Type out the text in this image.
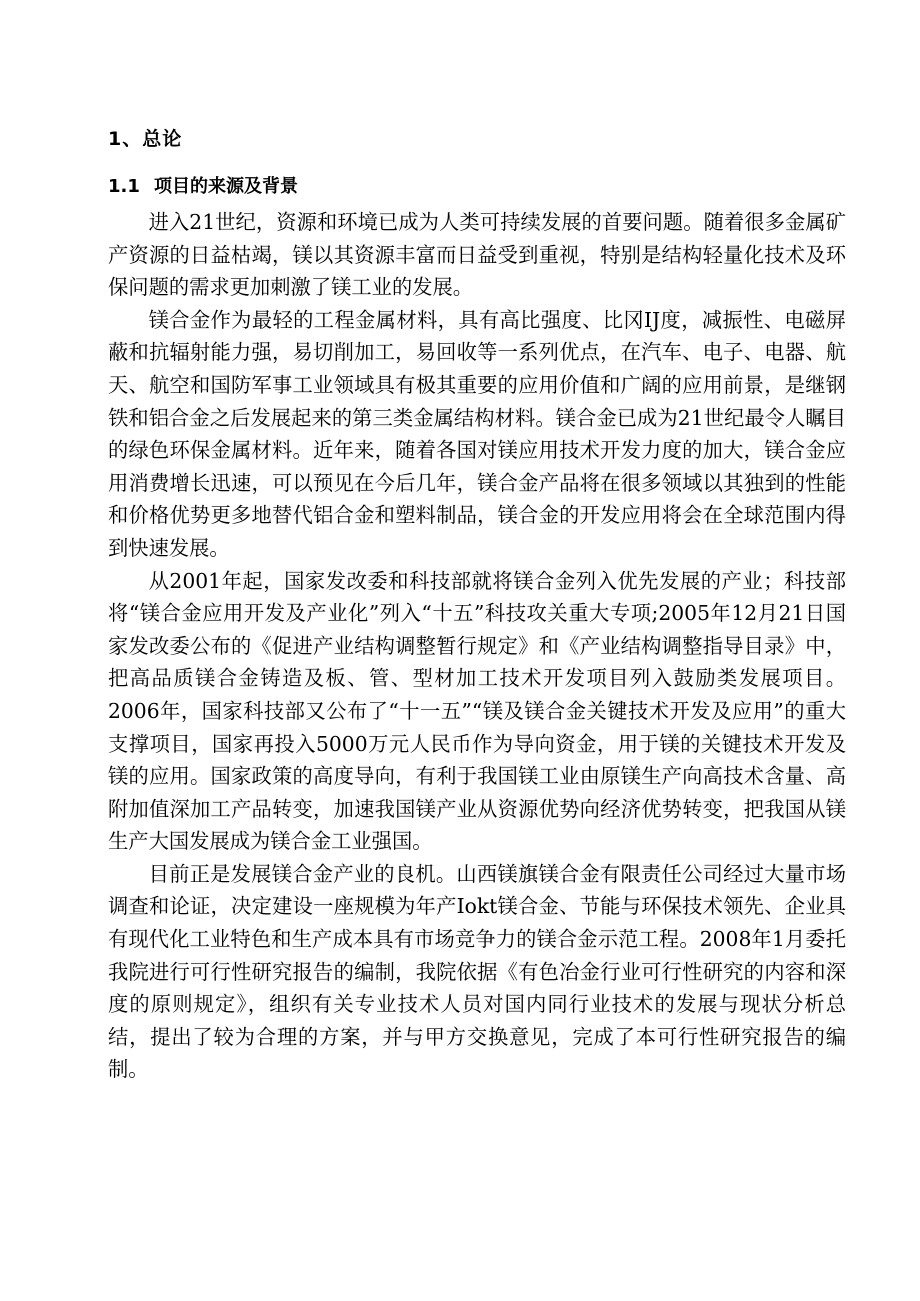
1、总论
1.1 项目的来源及背景

进入21世纪，资源和环境已成为人类可持续发展的首要问题。随着很多金属矿产资源的日益枯竭，镁以其资源丰富而日益受到重视，特别是结构轻量化技术及环保问题的需求更加刺激了镁工业的发展。

镁合金作为最轻的工程金属材料，具有高比强度、比冈IJ度，减振性、电磁屏蔽和抗辐射能力强，易切削加工，易回收等一系列优点，在汽车、电子、电器、航天、航空和国防军事工业领域具有极其重要的应用价值和广阔的应用前景，是继钢铁和铝合金之后发展起来的第三类金属结构材料。镁合金已成为21世纪最令人瞩目的绿色环保金属材料。近年来，随着各国对镁应用技术开发力度的加大，镁合金应用消费增长迅速，可以预见在今后几年，镁合金产品将在很多领域以其独到的性能和价格优势更多地替代铝合金和塑料制品，镁合金的开发应用将会在全球范围内得到快速发展。

从2001年起，国家发改委和科技部就将镁合金列入优先发展的产业；科技部将“镁合金应用开发及产业化”列入“十五”科技攻关重大专项;2005年12月21日国家发改委公布的《促进产业结构调整暂行规定》和《产业结构调整指导目录》中，把高品质镁合金铸造及板、管、型材加工技术开发项目列入鼓励类发展项目。2006年，国家科技部又公布了“十一五”“镁及镁合金关键技术开发及应用”的重大支撑项目，国家再投入5000万元人民币作为导向资金，用于镁的关键技术开发及镁的应用。国家政策的高度导向，有利于我国镁工业由原镁生产向高技术含量、高附加值深加工产品转变，加速我国镁产业从资源优势向经济优势转变，把我国从镁生产大国发展成为镁合金工业强国。

目前正是发展镁合金产业的良机。山西镁旗镁合金有限责任公司经过大量市场调查和论证，决定建设一座规模为年产Iokt镁合金、节能与环保技术领先、企业具有现代化工业特色和生产成本具有市场竞争力的镁合金示范工程。2008年1月委托我院进行可行性研究报告的编制，我院依据《有色冶金行业可行性研究的内容和深度的原则规定》，组织有关专业技术人员对国内同行业技术的发展与现状分析总结，提出了较为合理的方案，并与甲方交换意见，完成了本可行性研究报告的编制。
